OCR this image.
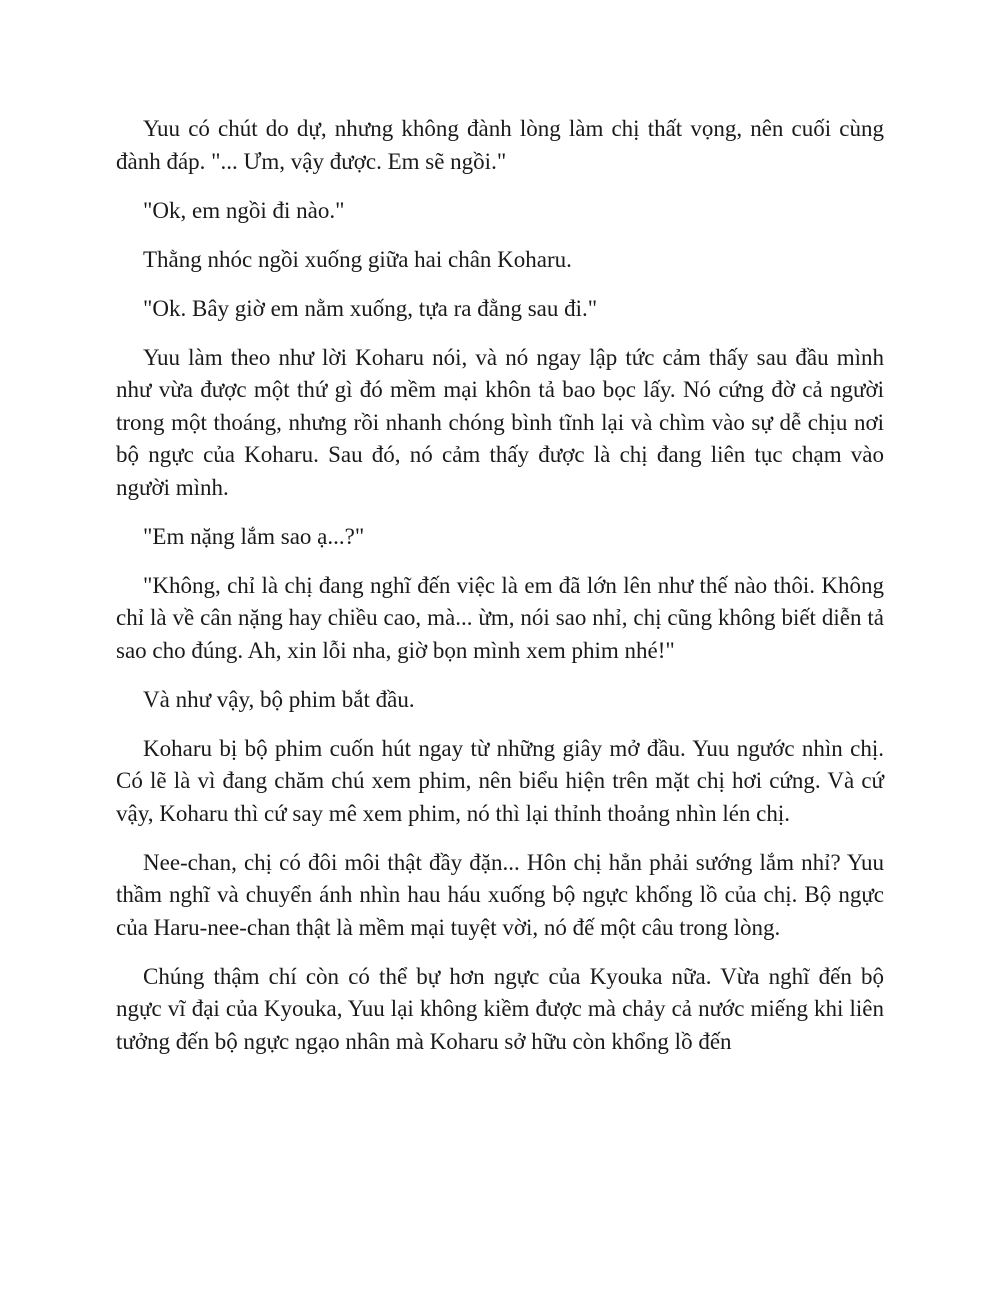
Yuu có chút do dự, nhưng không đành lòng làm chị thất vọng, nên cuối cùng đành đáp. "... Ưm, vậy được. Em sẽ ngồi."

"Ok, em ngồi đi nào."

Thằng nhóc ngồi xuống giữa hai chân Koharu.

"Ok. Bây giờ em nằm xuống, tựa ra đằng sau đi."

Yuu làm theo như lời Koharu nói, và nó ngay lập tức cảm thấy sau đầu mình như vừa được một thứ gì đó mềm mại khôn tả bao bọc lấy. Nó cứng đờ cả người trong một thoáng, nhưng rồi nhanh chóng bình tĩnh lại và chìm vào sự dễ chịu nơi bộ ngực của Koharu. Sau đó, nó cảm thấy được là chị đang liên tục chạm vào người mình.

"Em nặng lắm sao ạ...?"

"Không, chỉ là chị đang nghĩ đến việc là em đã lớn lên như thế nào thôi. Không chỉ là về cân nặng hay chiều cao, mà... ừm, nói sao nhỉ, chị cũng không biết diễn tả sao cho đúng. Ah, xin lỗi nha, giờ bọn mình xem phim nhé!"

Và như vậy, bộ phim bắt đầu.

Koharu bị bộ phim cuốn hút ngay từ những giây mở đầu. Yuu ngước nhìn chị. Có lẽ là vì đang chăm chú xem phim, nên biểu hiện trên mặt chị hơi cứng. Và cứ vậy, Koharu thì cứ say mê xem phim, nó thì lại thỉnh thoảng nhìn lén chị.

Nee-chan, chị có đôi môi thật đầy đặn... Hôn chị hẳn phải sướng lắm nhỉ? Yuu thầm nghĩ và chuyển ánh nhìn hau háu xuống bộ ngực khổng lồ của chị. Bộ ngực của Haru-nee-chan thật là mềm mại tuyệt vời, nó đế một câu trong lòng.

Chúng thậm chí còn có thể bự hơn ngực của Kyouka nữa. Vừa nghĩ đến bộ ngực vĩ đại của Kyouka, Yuu lại không kiềm được mà chảy cả nước miếng khi liên tưởng đến bộ ngực ngạo nhân mà Koharu sở hữu còn khổng lồ đến
